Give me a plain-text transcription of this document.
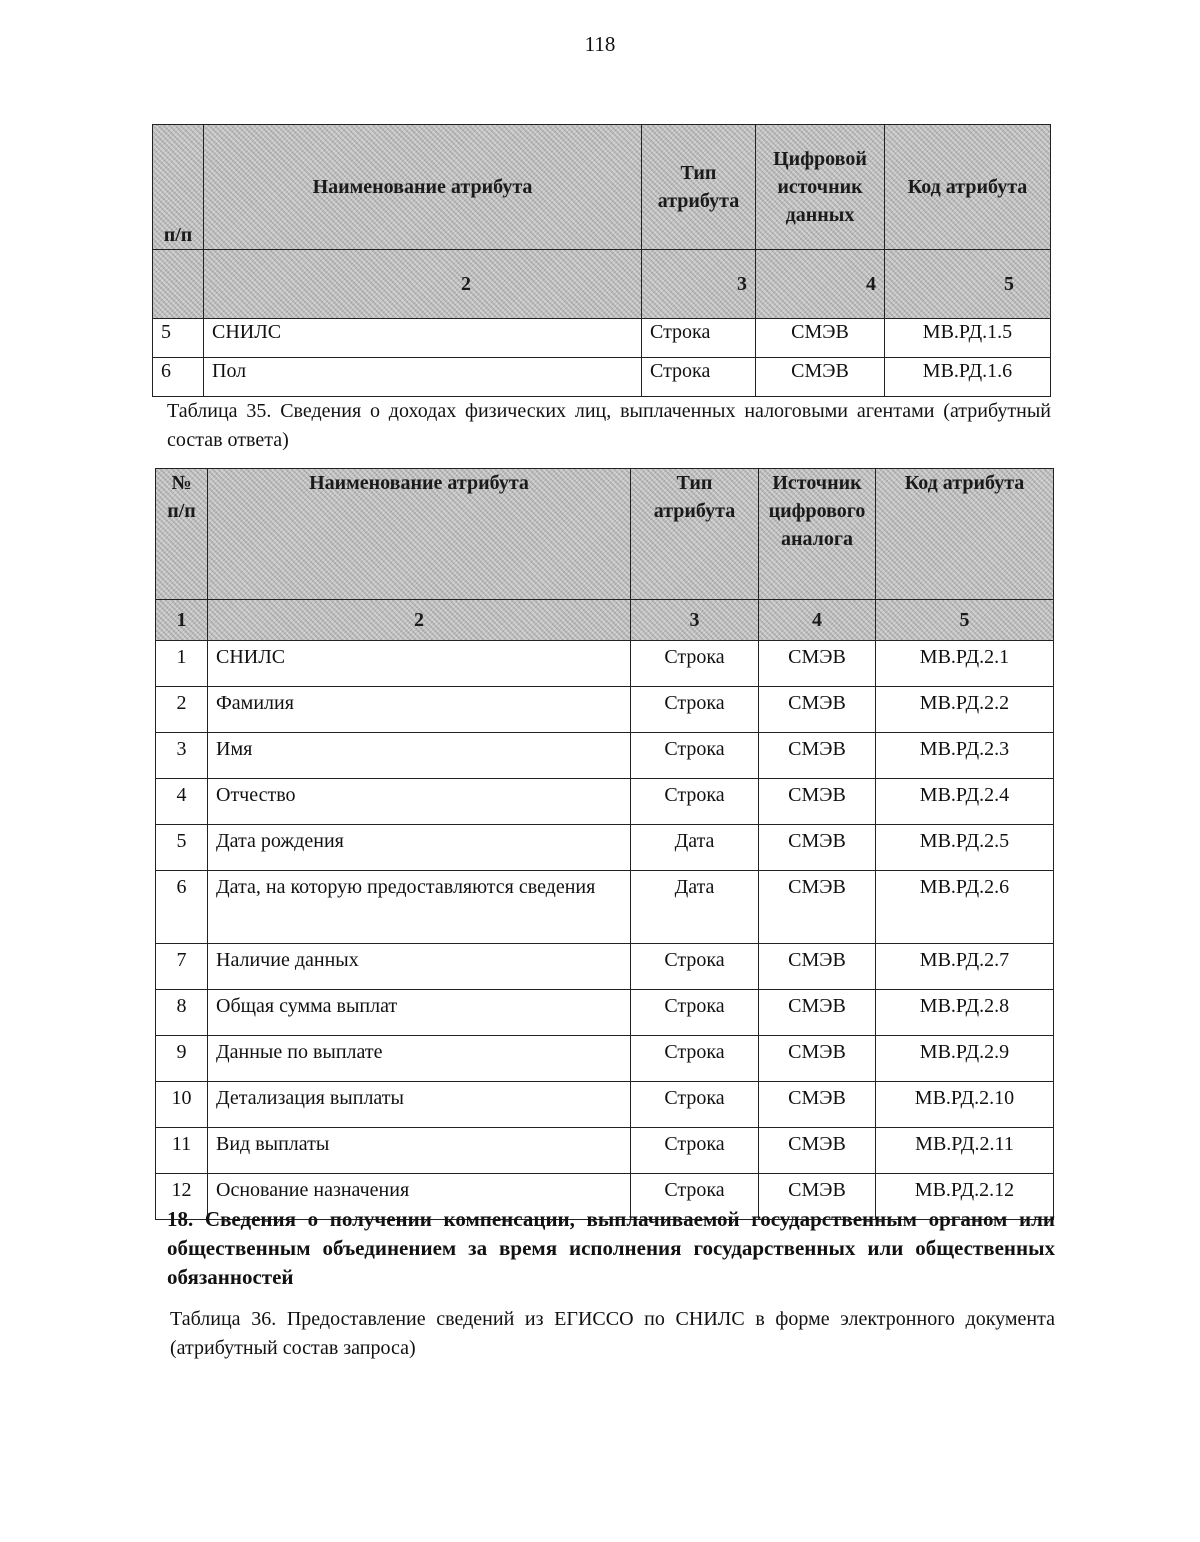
118
п/п	Наименование атрибута	Тип атрибута	Цифровой источник данных	Код атрибута
	2	3	4	5
5	СНИЛС	Строка	СМЭВ	МВ.РД.1.5
6	Пол	Строка	СМЭВ	МВ.РД.1.6
Таблица 35. Сведения о доходах физических лиц, выплаченных налоговыми агентами (атрибутный состав ответа)
№ п/п	Наименование атрибута	Тип атрибута	Источник цифрового аналога	Код атрибута
1	2	3	4	5
1	СНИЛС	Строка	СМЭВ	МВ.РД.2.1
2	Фамилия	Строка	СМЭВ	МВ.РД.2.2
3	Имя	Строка	СМЭВ	МВ.РД.2.3
4	Отчество	Строка	СМЭВ	МВ.РД.2.4
5	Дата рождения	Дата	СМЭВ	МВ.РД.2.5
6	Дата, на которую предоставляются сведения	Дата	СМЭВ	МВ.РД.2.6
7	Наличие данных	Строка	СМЭВ	МВ.РД.2.7
8	Общая сумма выплат	Строка	СМЭВ	МВ.РД.2.8
9	Данные по выплате	Строка	СМЭВ	МВ.РД.2.9
10	Детализация выплаты	Строка	СМЭВ	МВ.РД.2.10
11	Вид выплаты	Строка	СМЭВ	МВ.РД.2.11
12	Основание назначения	Строка	СМЭВ	МВ.РД.2.12
18. Сведения о получении компенсации, выплачиваемой государственным органом или общественным объединением за время исполнения государственных или общественных обязанностей
Таблица 36. Предоставление сведений из ЕГИССО по СНИЛС в форме электронного документа (атрибутный состав запроса)
